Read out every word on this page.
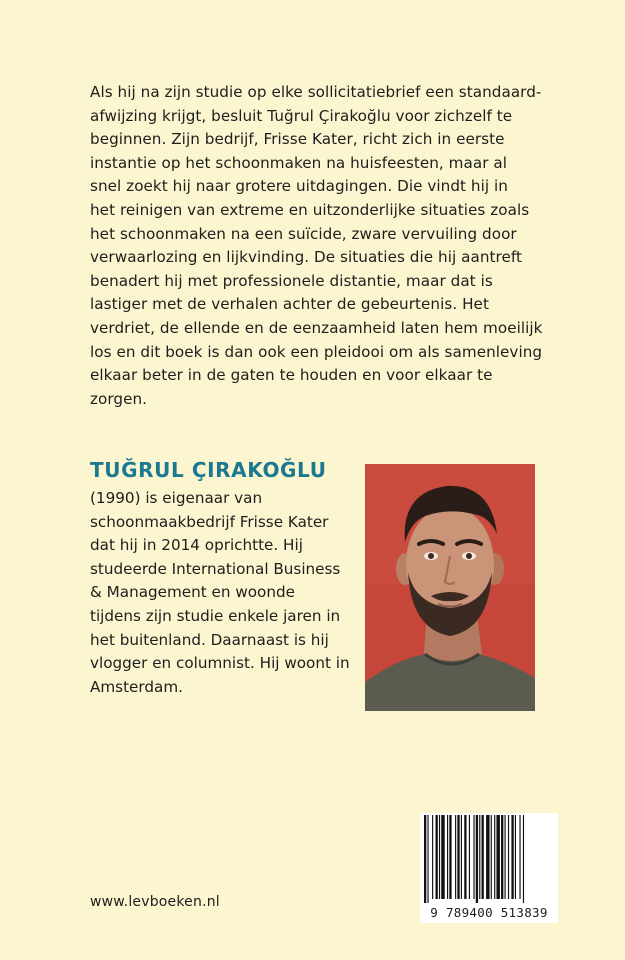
Als hij na zijn studie op elke sollicitatiebrief een standaard-
afwijzing krijgt, besluit Tuğrul Çirakoğlu voor zichzelf te
beginnen. Zijn bedrijf, Frisse Kater, richt zich in eerste
instantie op het schoonmaken na huisfeesten, maar al
snel zoekt hij naar grotere uitdagingen. Die vindt hij in
het reinigen van extreme en uitzonderlijke situaties zoals
het schoonmaken na een suïcide, zware vervuiling door
verwaarlozing en lijkvinding. De situaties die hij aantreft
benadert hij met professionele distantie, maar dat is
lastiger met de verhalen achter de gebeurtenis. Het
verdriet, de ellende en de eenzaamheid laten hem moeilijk
los en dit boek is dan ook een pleidooi om als samenleving
elkaar beter in de gaten te houden en voor elkaar te
zorgen.

TUĞRUL ÇIRAKOĞLU

(1990) is eigenaar van
schoonmaakbedrijf Frisse Kater
dat hij in 2014 oprichtte. Hij
studeerde International Business
& Management en woonde
tijdens zijn studie enkele jaren in
het buitenland. Daarnaast is hij
vlogger en columnist. Hij woont in
Amsterdam.

www.levboeken.nl

9 789400 513839
